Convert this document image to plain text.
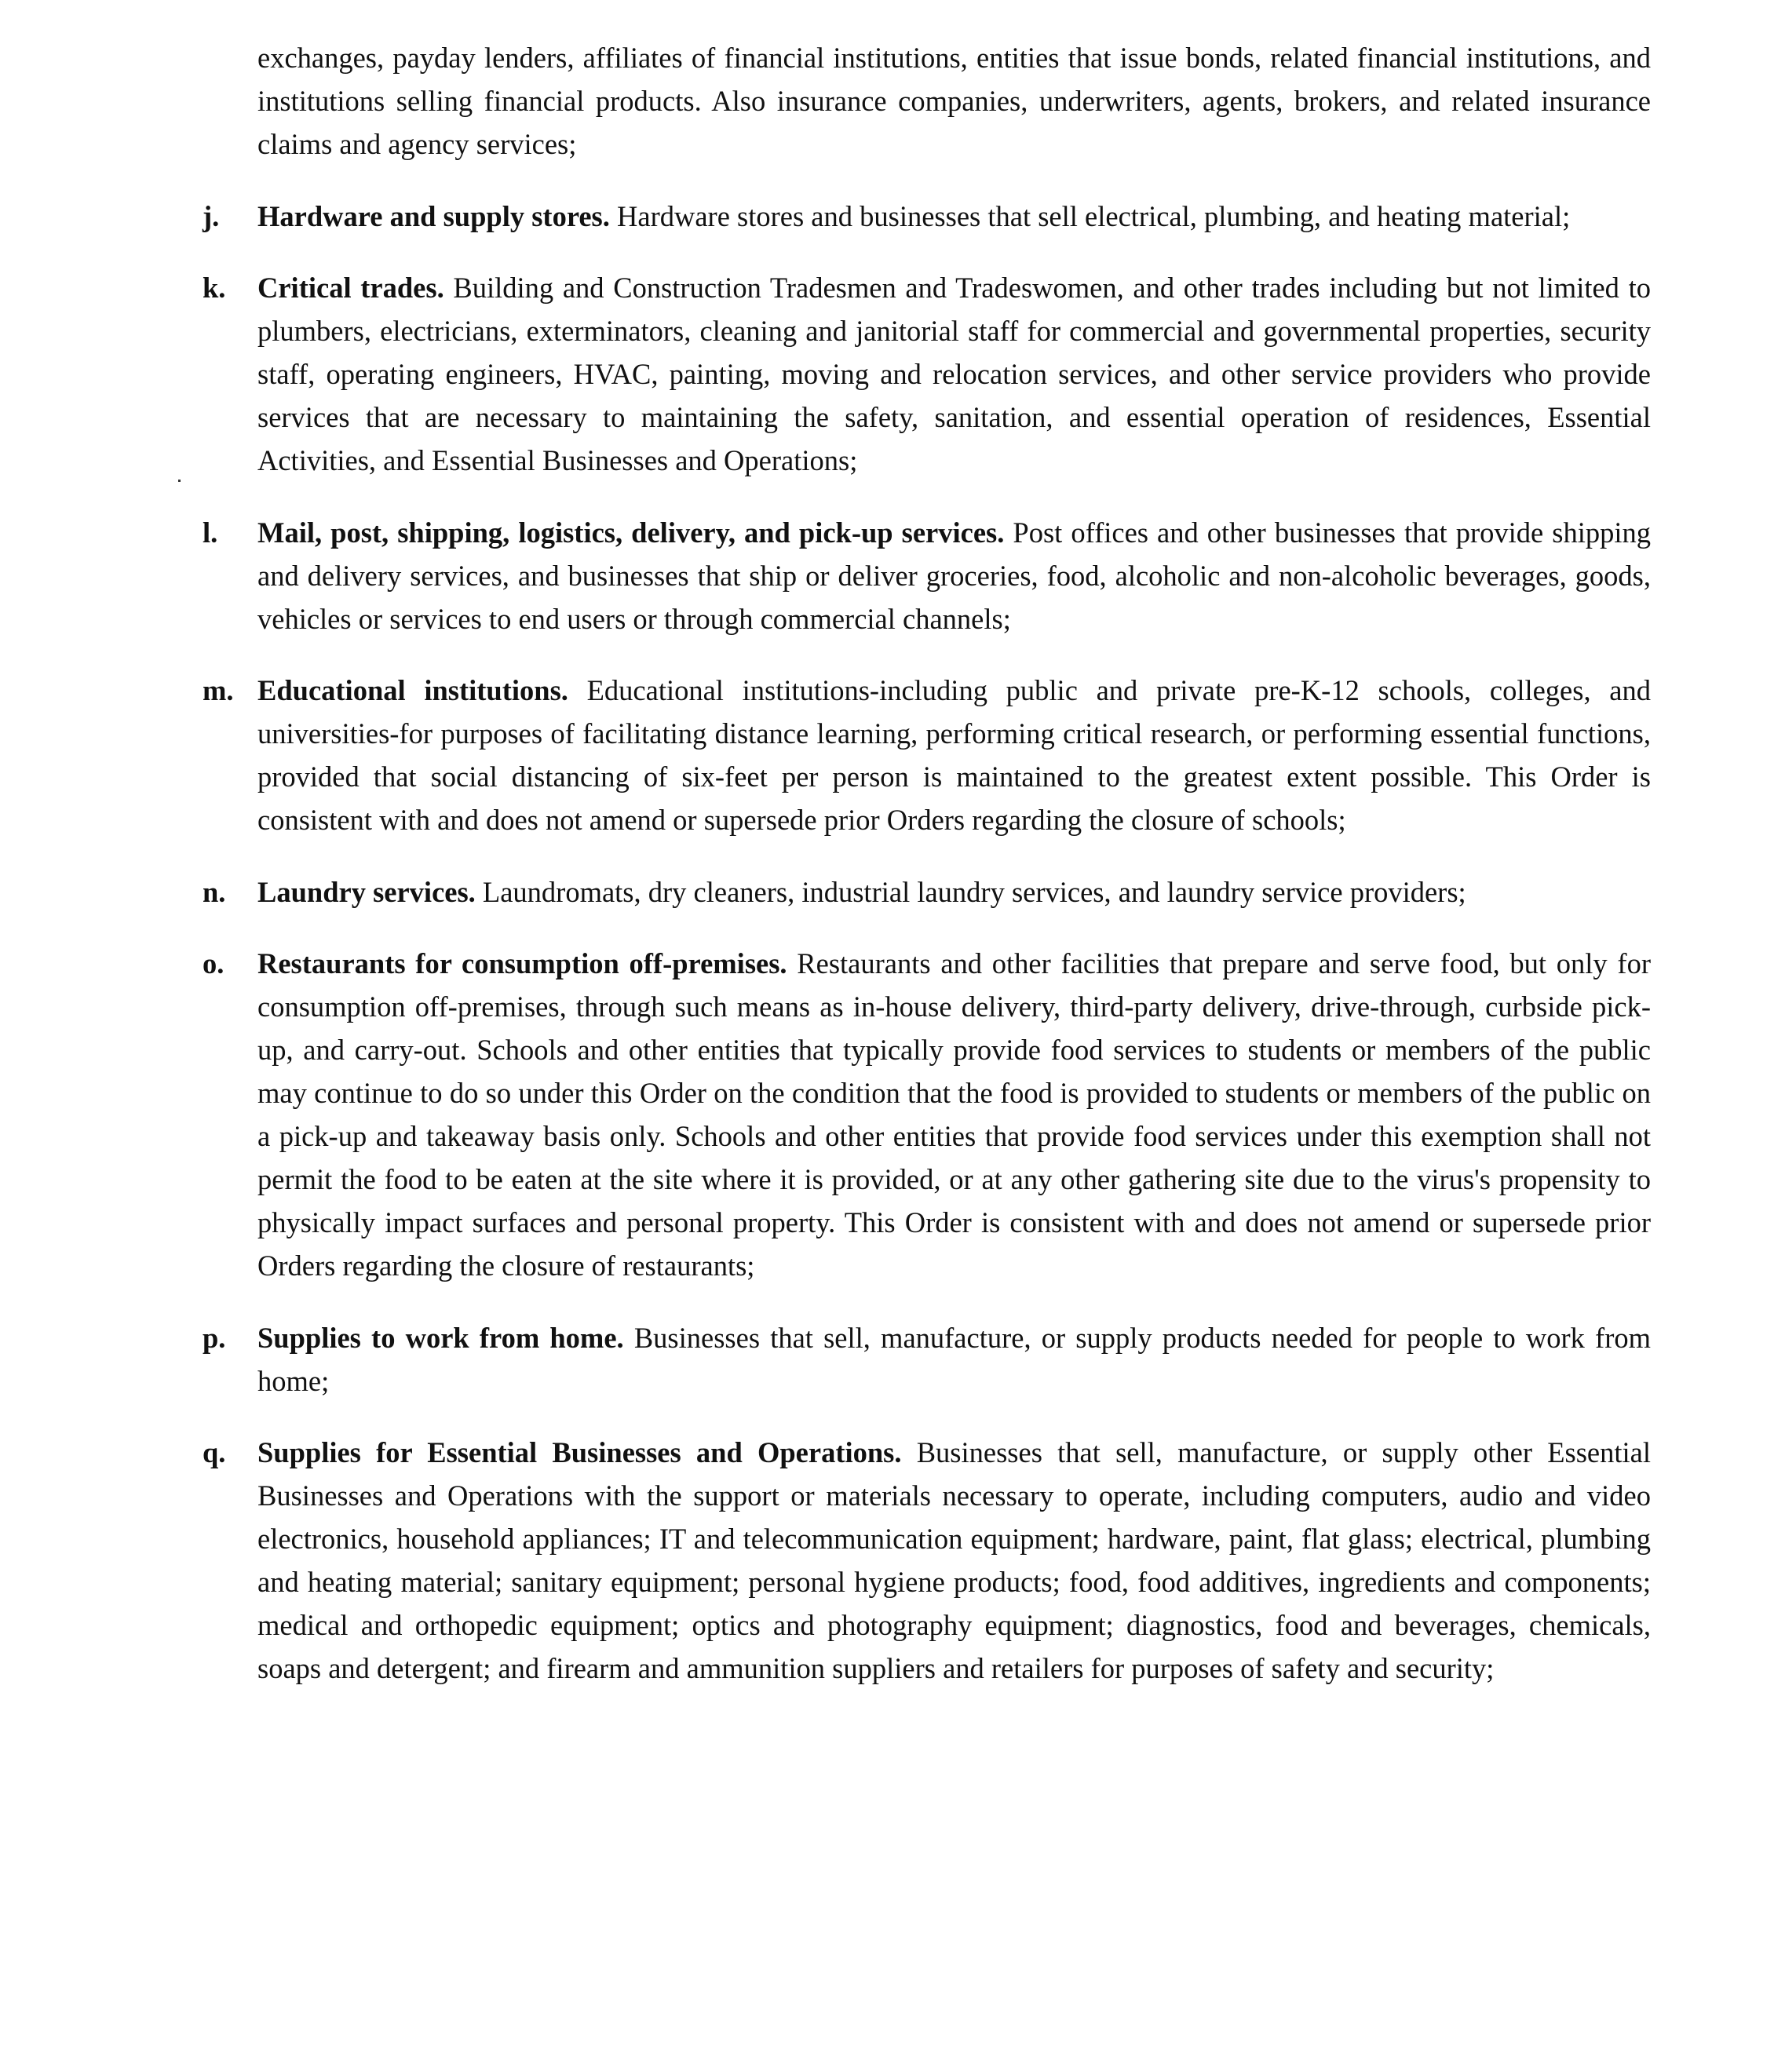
exchanges, payday lenders, affiliates of financial institutions, entities that issue bonds, related financial institutions, and institutions selling financial products. Also insurance companies, underwriters, agents, brokers, and related insurance claims and agency services;

j. Hardware and supply stores. Hardware stores and businesses that sell electrical, plumbing, and heating material;

k. Critical trades. Building and Construction Tradesmen and Tradeswomen, and other trades including but not limited to plumbers, electricians, exterminators, cleaning and janitorial staff for commercial and governmental properties, security staff, operating engineers, HVAC, painting, moving and relocation services, and other service providers who provide services that are necessary to maintaining the safety, sanitation, and essential operation of residences, Essential Activities, and Essential Businesses and Operations;

l. Mail, post, shipping, logistics, delivery, and pick-up services. Post offices and other businesses that provide shipping and delivery services, and businesses that ship or deliver groceries, food, alcoholic and non-alcoholic beverages, goods, vehicles or services to end users or through commercial channels;

m. Educational institutions. Educational institutions-including public and private pre-K-12 schools, colleges, and universities-for purposes of facilitating distance learning, performing critical research, or performing essential functions, provided that social distancing of six-feet per person is maintained to the greatest extent possible. This Order is consistent with and does not amend or supersede prior Orders regarding the closure of schools;

n. Laundry services. Laundromats, dry cleaners, industrial laundry services, and laundry service providers;

o. Restaurants for consumption off-premises. Restaurants and other facilities that prepare and serve food, but only for consumption off-premises, through such means as in-house delivery, third-party delivery, drive-through, curbside pick-up, and carry-out. Schools and other entities that typically provide food services to students or members of the public may continue to do so under this Order on the condition that the food is provided to students or members of the public on a pick-up and takeaway basis only. Schools and other entities that provide food services under this exemption shall not permit the food to be eaten at the site where it is provided, or at any other gathering site due to the virus's propensity to physically impact surfaces and personal property. This Order is consistent with and does not amend or supersede prior Orders regarding the closure of restaurants;

p. Supplies to work from home. Businesses that sell, manufacture, or supply products needed for people to work from home;

q. Supplies for Essential Businesses and Operations. Businesses that sell, manufacture, or supply other Essential Businesses and Operations with the support or materials necessary to operate, including computers, audio and video electronics, household appliances; IT and telecommunication equipment; hardware, paint, flat glass; electrical, plumbing and heating material; sanitary equipment; personal hygiene products; food, food additives, ingredients and components; medical and orthopedic equipment; optics and photography equipment; diagnostics, food and beverages, chemicals, soaps and detergent; and firearm and ammunition suppliers and retailers for purposes of safety and security;
